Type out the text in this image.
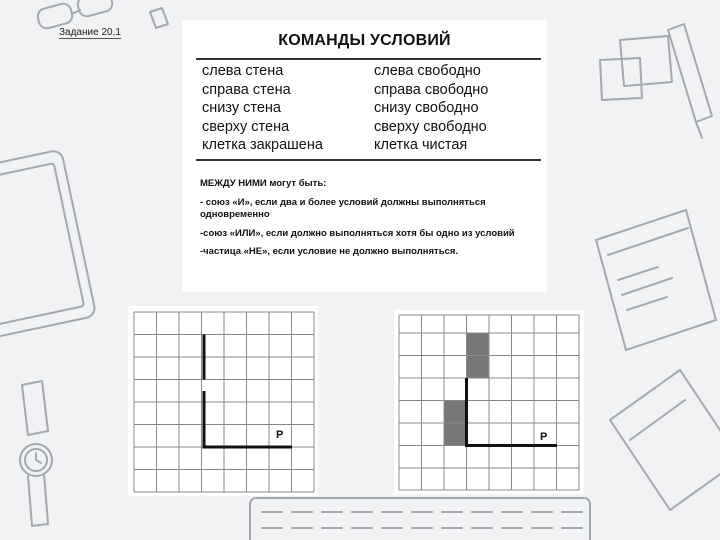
Задание 20.1	КОМАНДЫ УСЛОВИЙ
слева стена
справа стена
снизу стена
сверху стена
клетка закрашена
слева свободно
справа свободно
снизу свободно
сверху свободно
клетка чистая

МЕЖДУ НИМИ могут быть:

- союз «И», если два и более условий должны выполняться одновременно

-союз «ИЛИ», если должно выполняться хотя бы одно из условий

-частица «НЕ», если условие не должно выполняться.

Р	Р
